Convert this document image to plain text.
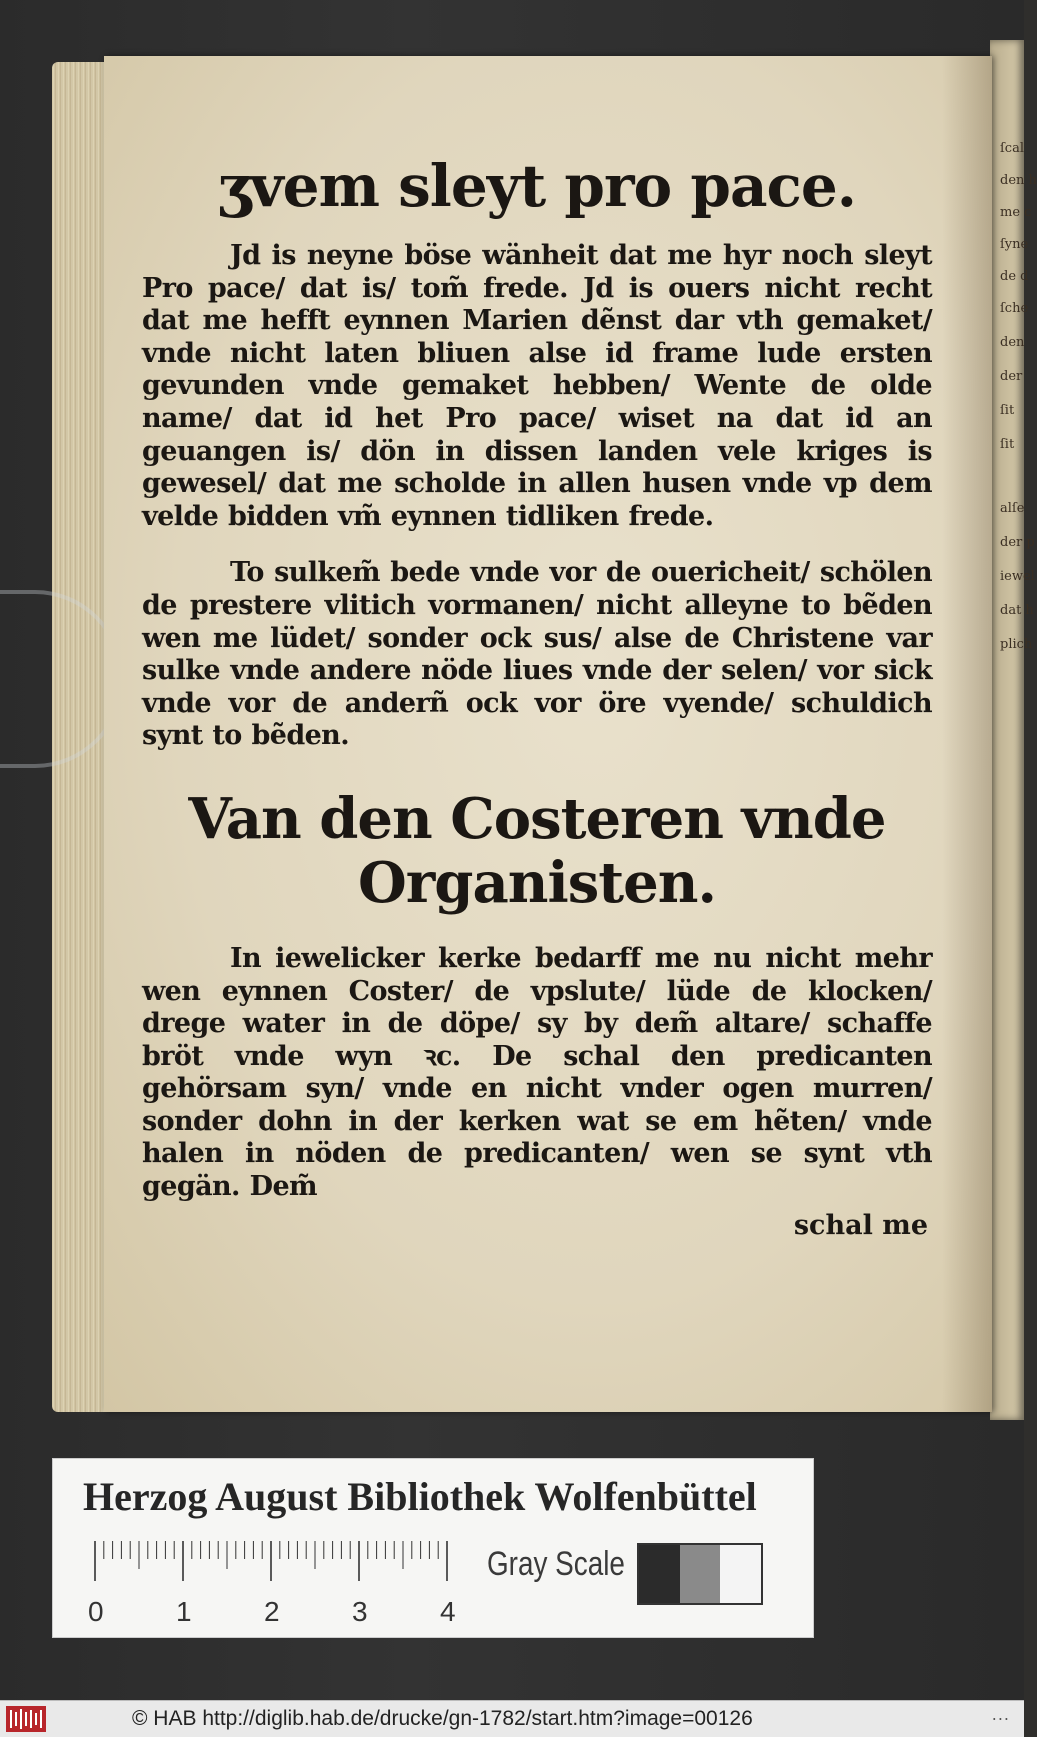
ʒvem sleyt pro pace.

Jd is neyne böse wänheit dat me hyr noch sleyt Pro pace/ dat is/ tom̃ frede. Jd is ouers nicht recht dat me hefft eynnen Marien dẽnst dar vth gemaket/ vnde nicht laten bliuen alse id frame lude ersten gevunden vnde gemaket hebben/ Wente de olde name/ dat id het Pro pace/ wiset na dat id an geuangen is/ dön in dissen landen vele kriges is gewesel/ dat me scholde in allen husen vnde vp dem velde bidden vm̃ eynnen tidliken frede.

To sulkem̃ bede vnde vor de ouericheit/ schölen de prestere vlitich vormanen/ nicht alleyne to bẽden wen me lüdet/ sonder ock sus/ alse de Christene var sulke vnde andere nöde liues vnde der selen/ vor sick vnde vor de anderñ ock vor öre vyende/ schuldich synt to bẽden.

Van den Costeren vnde Organisten.

In iewelicker kerke bedarff me nu nicht mehr wen eynnen Coster/ de vpslute/ lüde de klocken/ drege water in de döpe/ sy by dem̃ altare/ schaffe bröt vnde wyn ꝛc. De schal den predicanten gehörsam syn/ vnde en nicht vnder ogen murren/ sonder dohn in der kerken wat se em hẽten/ vnde halen in nöden de predicanten/ wen se synt vth gegän. Dem̃

schal me
ſcal
den h
me c
ſyne
de d
ſche
den
der
ſit
ſit
alſe
der p
iewel
dat h
plich
Herzog August Bibliothek Wolfenbüttel
0	1	2	3	4
Gray Scale
© HAB http://diglib.hab.de/drucke/gn-1782/start.htm?image=00126	...
